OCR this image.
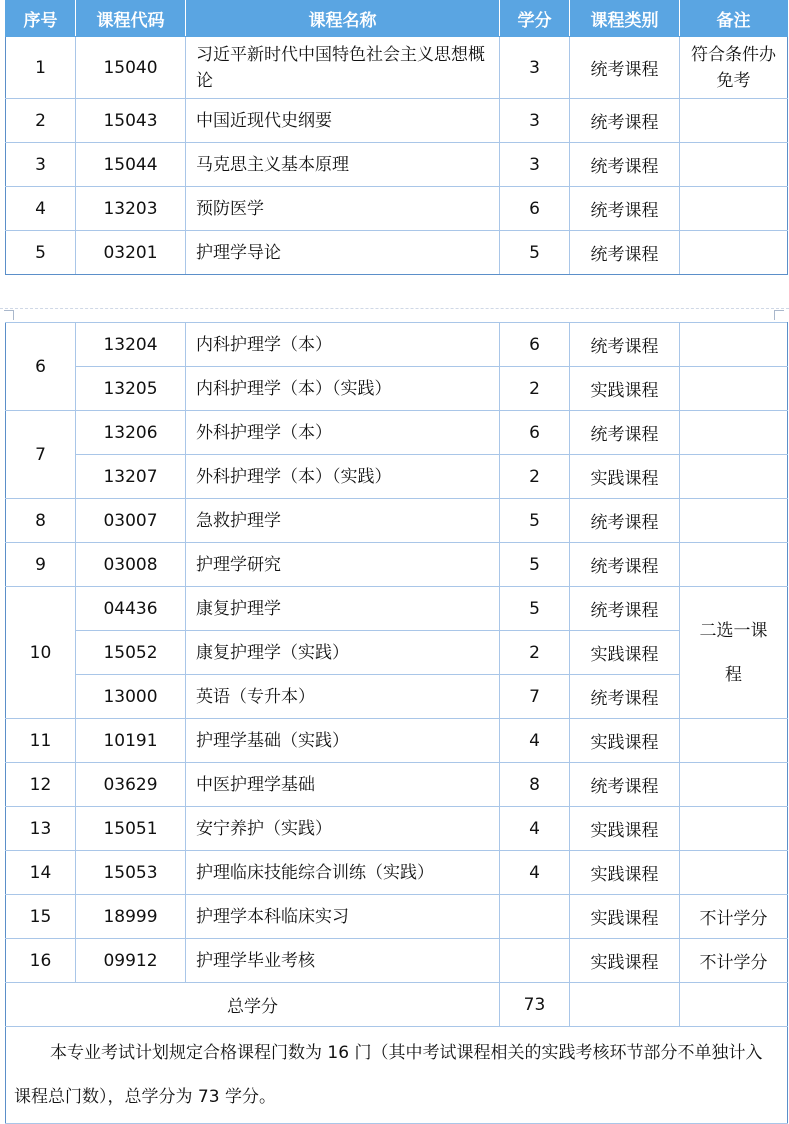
序号	课程代码	课程名称	学分	课程类别	备注
1	15040	习近平新时代中国特色社会主义思想概论	3	统考课程	符合条件办免考
2	15043	中国近现代史纲要	3	统考课程	
3	15044	马克思主义基本原理	3	统考课程	
4	13203	预防医学	6	统考课程	
5	03201	护理学导论	5	统考课程	
6	13204	内科护理学（本）	6	统考课程	
	13205	内科护理学（本）（实践）	2	实践课程	
7	13206	外科护理学（本）	6	统考课程	
	13207	外科护理学（本）（实践）	2	实践课程	
8	03007	急救护理学	5	统考课程	
9	03008	护理学研究	5	统考课程	
10	04436	康复护理学	5	统考课程	二选一课程
	15052	康复护理学（实践）	2	实践课程	
	13000	英语（专升本）	7	统考课程	
11	10191	护理学基础（实践）	4	实践课程	
12	03629	中医护理学基础	8	统考课程	
13	15051	安宁养护（实践）	4	实践课程	
14	15053	护理临床技能综合训练（实践）	4	实践课程	
15	18999	护理学本科临床实习		实践课程	不计学分
16	09912	护理学毕业考核		实践课程	不计学分
总学分			73		
本专业考试计划规定合格课程门数为 16 门（其中考试课程相关的实践考核环节部分不单独计入课程总门数），总学分为 73 学分。					
